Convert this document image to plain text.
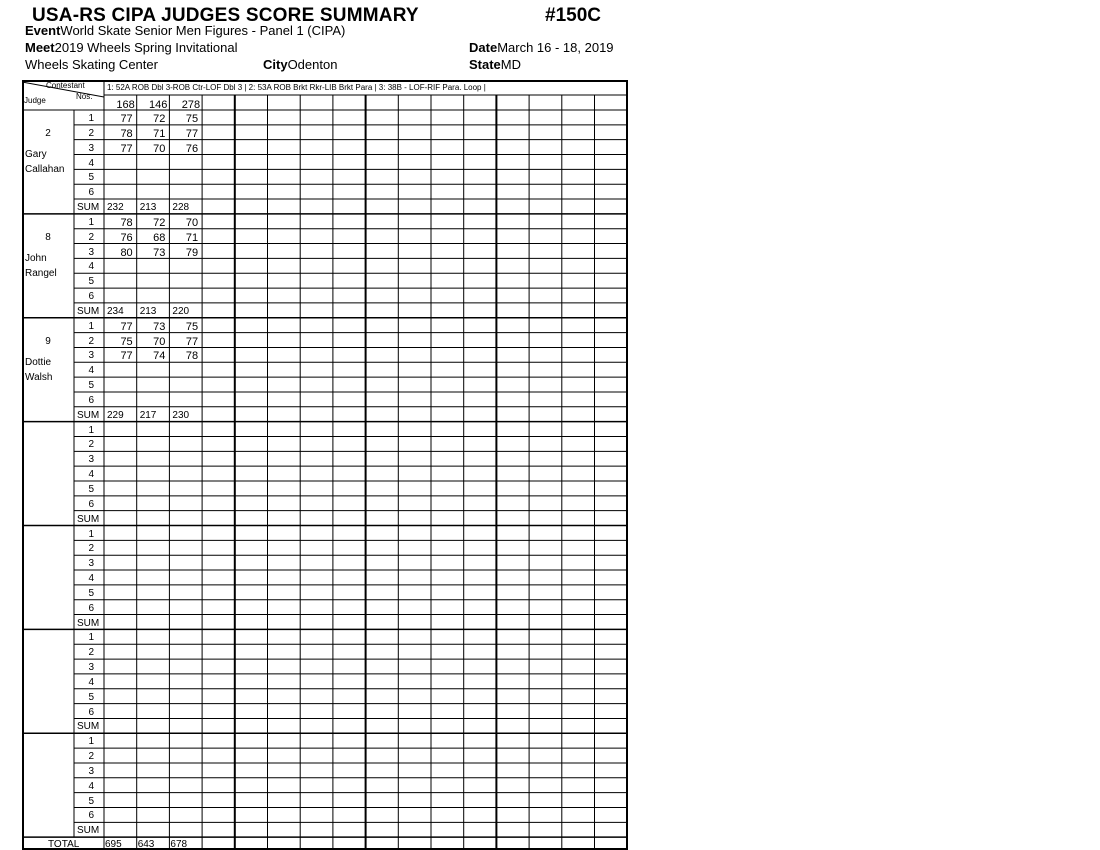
USA-RS CIPA JUDGES SCORE SUMMARY	#150C
EventWorld Skate Senior Men Figures - Panel 1 (CIPA)
Meet2019 Wheels Spring Invitational	DateMarch 16 - 18, 2019
Wheels Skating Center	CityOdenton	StateMD
Contestant
Nos.
Judge
1: 52A ROB Dbl 3-ROB Ctr-LOF Dbl 3 | 2: 53A ROB Brkt Rkr-LIB Brkt Para | 3: 38B - LOF-RIF Para. Loop |
168	146	278
2
Gary
Callahan
1	77	72	75
2	78	71	77
3	77	70	76
4
5
6
SUM 232 213 228
8
John
Rangel
1	78	72	70
2	76	68	71
3	80	73	79
4
5
6
SUM 234 213 220
9
Dottie
Walsh
1	77	73	75
2	75	70	77
3	77	74	78
4
5
6
SUM 229 217 230
1
2
3
4
5
6
SUM
1
2
3
4
5
6
SUM
1
2
3
4
5
6
SUM
1
2
3
4
5
6
SUM
TOTAL	695 643 678
